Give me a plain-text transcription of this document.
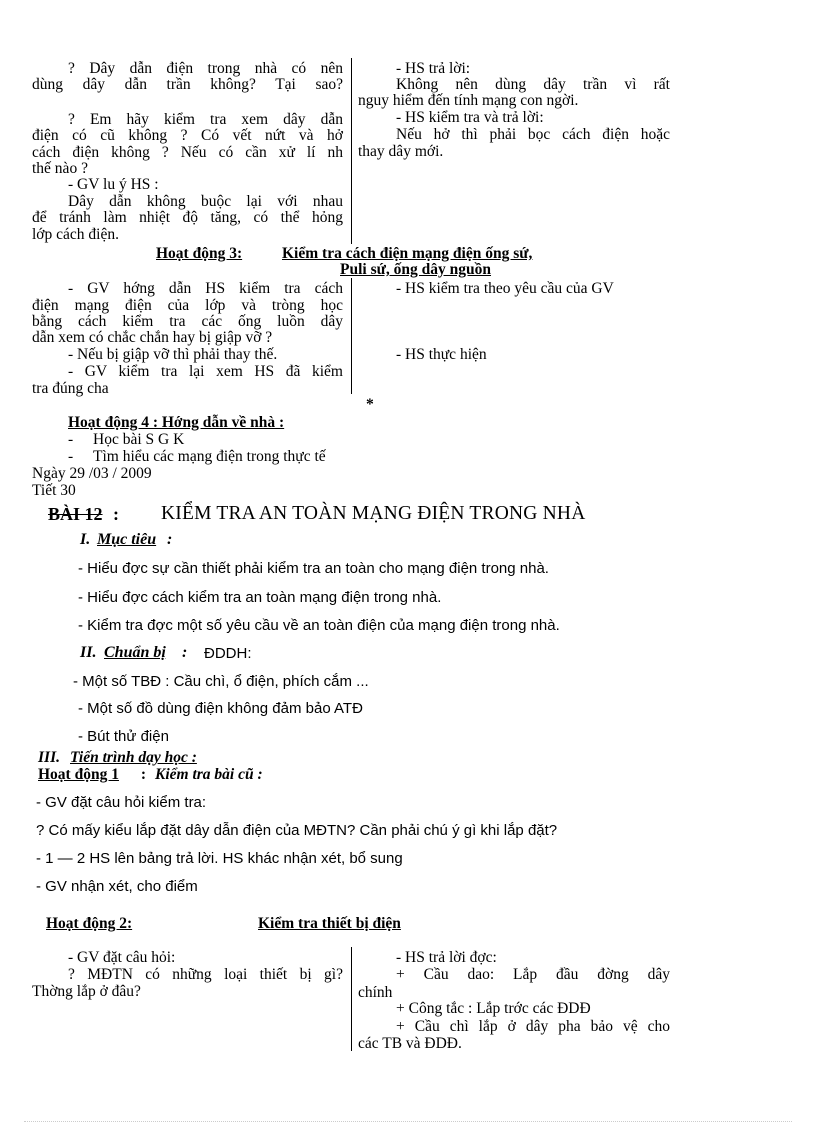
? Dây dẫn điện trong nhà có nên
dùng dây dẫn trần không? Tại sao?
? Em hãy kiểm tra xem dây dẫn
điện có cũ không ? Có vết nứt và hở
cách điện không ? Nếu có cần xử lí nh
thế nào ?
- GV lu ý HS :
Dây dẫn không buộc lại với nhau
để tránh làm nhiệt độ tăng, có thể hỏng
lớp cách điện.
- HS trả lời:
Không nên dùng dây trần vì rất
nguy hiểm đến tính mạng con ngời.
- HS kiểm tra và trả lời:
Nếu hở thì phải bọc cách điện hoặc
thay dây mới.
Hoạt động 3:	Kiểm tra cách điện mạng điện ống sứ,
Puli sứ, ống dây nguồn
- GV hớng dẫn HS kiểm tra cách
điện mạng điện của lớp và tròng học
bằng cách kiểm tra các ống luồn dây
dẫn xem có chắc chắn hay bị giập vỡ ?
- Nếu bị giập vỡ thì phải thay thế.
- GV kiểm tra lại xem HS đã kiểm
tra đúng cha
- HS kiểm tra theo yêu cầu của GV
- HS thực hiện
*
Hoạt động 4 : Hớng dẫn về nhà :
- Học bài S G K
- Tìm hiểu các mạng điện trong thực tế
Ngày 29 /03 / 2009
Tiết 30
BÀI 12 : KIỂM TRA AN TOÀN MẠNG ĐIỆN TRONG NHÀ
I. Mục tiêu :
- Hiểu đợc sự cần thiết phải kiểm tra an toàn cho mạng điện trong nhà.
- Hiểu đợc cách kiểm tra an toàn mạng điện trong nhà.
- Kiểm tra đợc một số yêu cầu về an toàn điện của mạng điện trong nhà.
II. Chuẩn bị : ĐDDH:
- Một số TBĐ : Cầu chì, ổ điện, phích cắm ...
- Một số đồ dùng điện không đảm bảo ATĐ
- Bút thử điện
III. Tiến trình dạy học :
Hoạt động 1 : Kiểm tra bài cũ :
- GV đặt câu hỏi kiểm tra:
? Có mấy kiểu lắp đặt dây dẫn điện của MĐTN? Cần phải chú ý gì khi lắp đặt?
- 1 — 2 HS lên bảng trả lời. HS khác nhận xét, bổ sung
- GV nhận xét, cho điểm
Hoạt động 2:	Kiểm tra thiết bị điện
- GV đặt câu hỏi:
? MĐTN có những loại thiết bị gì?
Thờng lắp ở đâu?
- HS trả lời đợc:
+ Cầu dao: Lắp đầu đờng dây
chính
+ Công tắc : Lắp trớc các ĐDĐ
+ Cầu chì lắp ở dây pha bảo vệ cho
các TB và ĐDĐ.
